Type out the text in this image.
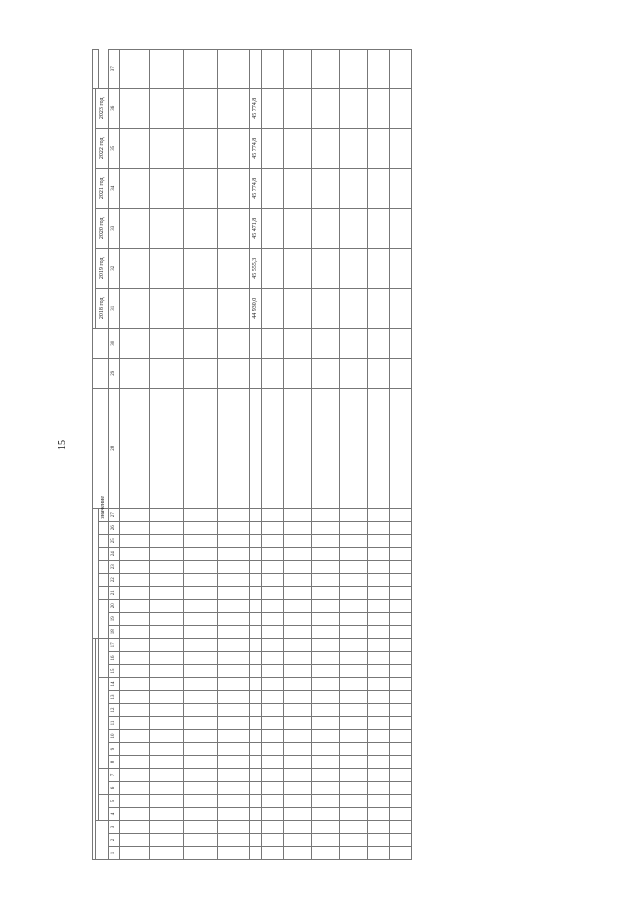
15

																														2018 год	2019 год	2020 год	2021 год	2022 год	2023 год	
																										значение										
1	2	3	4	5	6	7	8	9	10	11	12	13	14	15	16	17	18	19	20	21	22	23	24	25	26	27	28	29	30	31	32	33	34	35	36	37

																														44 930,0	45 555,3	45 471,8	45 774,8	45 774,8	45 774,8	
